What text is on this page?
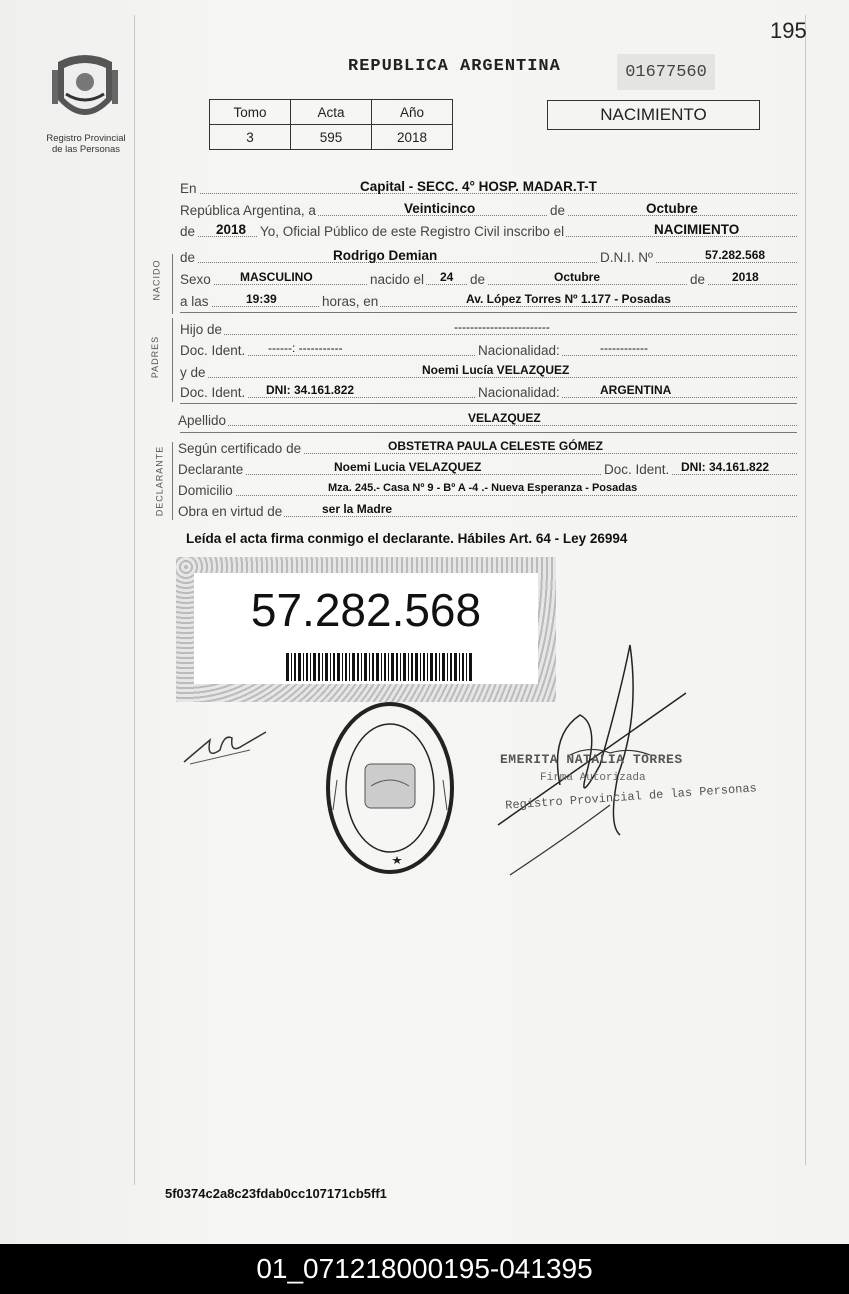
195
Registro Provincial
de las Personas
REPUBLICA ARGENTINA	01677560
Tomo	Acta	Año
3	595	2018
NACIMIENTO
En	Capital - SECC. 4° HOSP. MADAR.T-T
República Argentina, a	Veinticinco	de	Octubre
de 2018 Yo, Oficial Público de este Registro Civil inscribo el	NACIMIENTO
NACIDO
de	Rodrigo Demian	D.N.I. Nº	57.282.568
Sexo MASCULINO	nacido el 24 de	Octubre	de 2018
a las	19:39	horas, en	Av. López Torres Nº 1.177 - Posadas
PADRES
Hijo de	------------------------
Doc. Ident. ------: -----------	Nacionalidad:	------------
y de	Noemi Lucía VELAZQUEZ
Doc. Ident. DNI: 34.161.822	Nacionalidad:	ARGENTINA
Apellido	VELAZQUEZ
DECLARANTE Según certificado de	OBSTETRA PAULA CELESTE GÓMEZ
Declarante	Noemi Lucia VELAZQUEZ	Doc. Ident. DNI: 34.161.822
Domicilio	Mza. 245.- Casa Nº 9 - Bº A -4 .- Nueva Esperanza - Posadas
Obra en virtud de	ser la Madre
Leída el acta firma conmigo el declarante. Hábiles Art. 64 - Ley 26994
57.282.568
EMERITA NATALIA TORRES
Firma Autorizada
Registro Provincial de las Personas
5f0374c2a8c23fdab0cc107171cb5ff1
01_071218000195-041395
